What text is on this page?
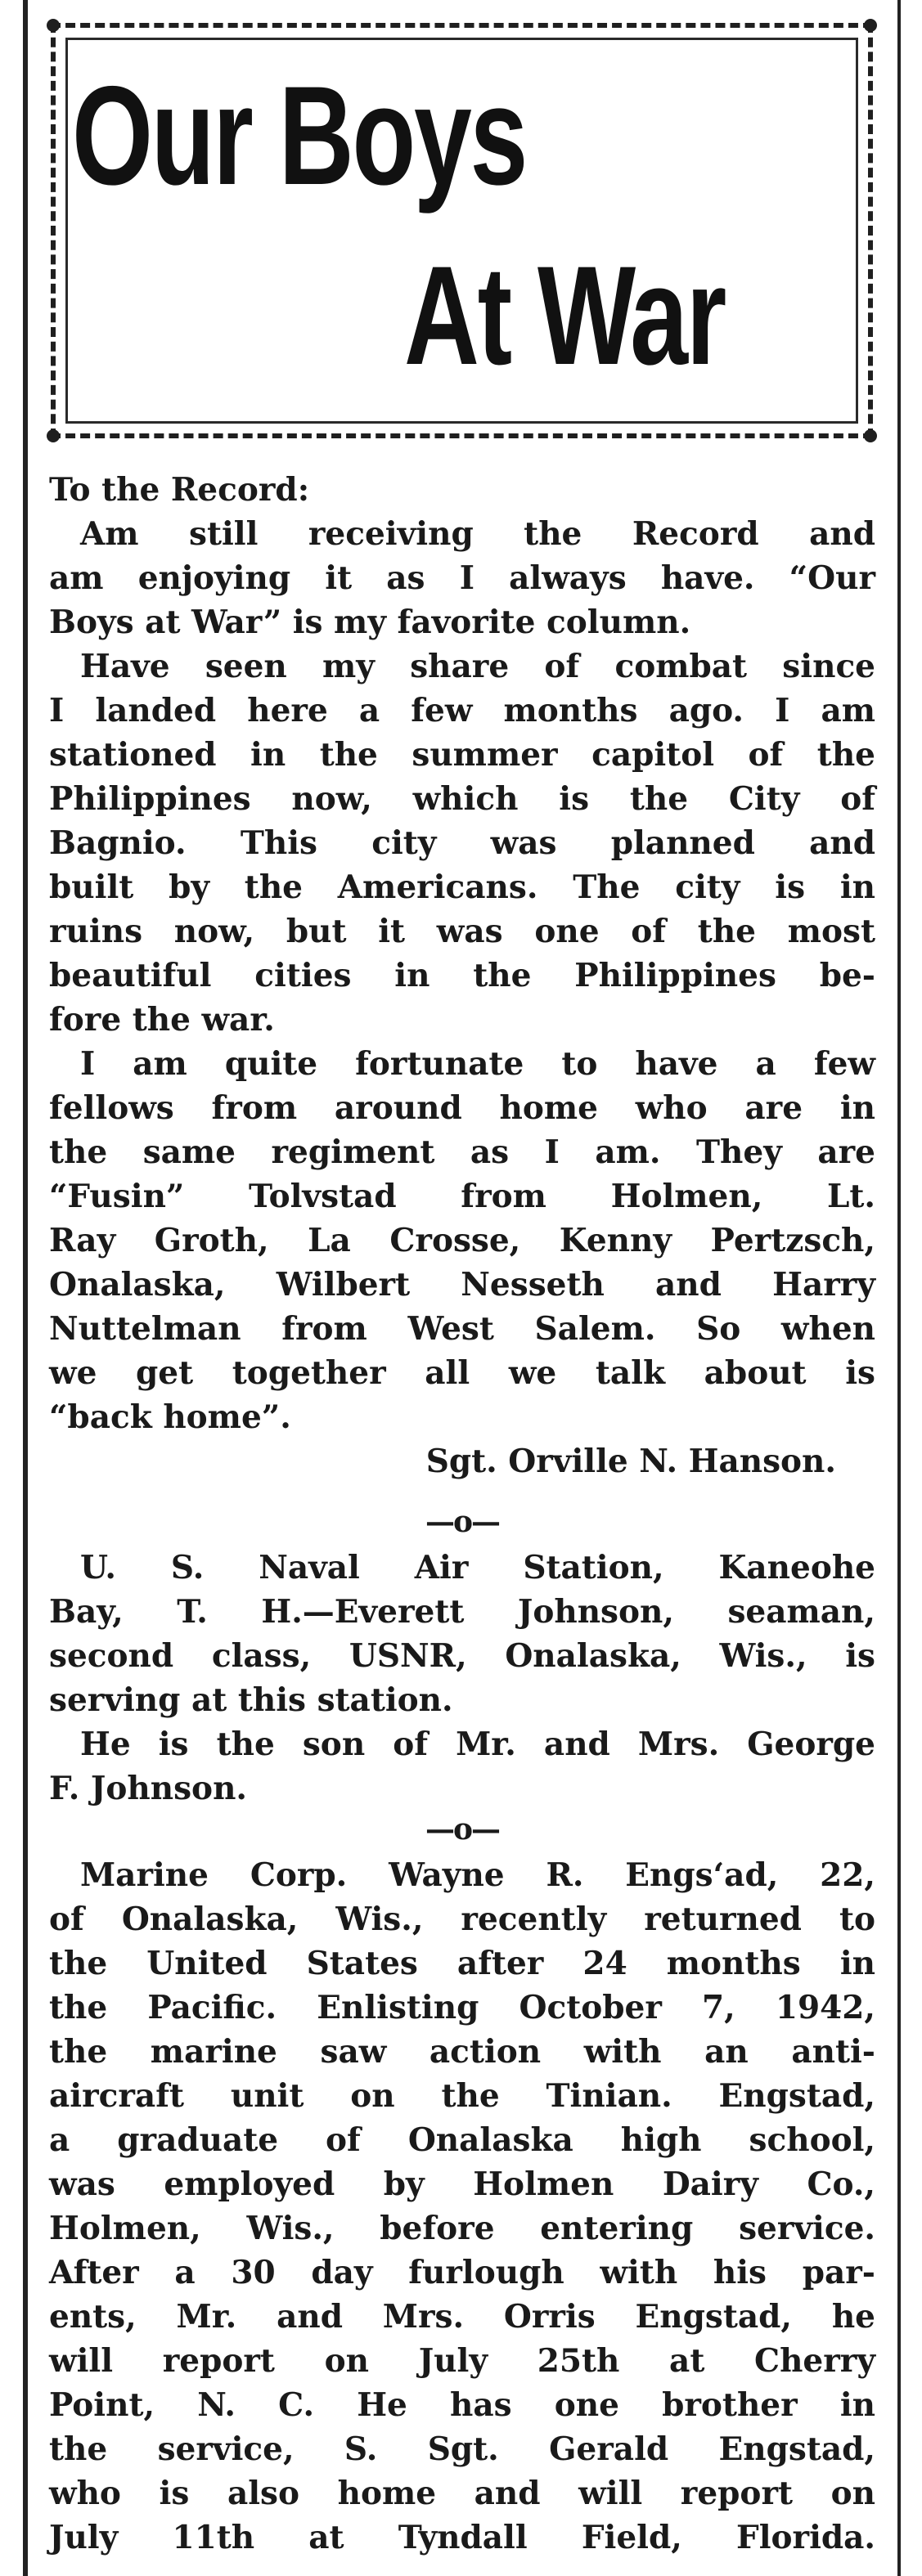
Our Boys
At War
To the Record:
Am still receiving the Record and
am enjoying it as I always have. “Our
Boys at War” is my favorite column.
Have seen my share of combat since
I landed here a few months ago. I am
stationed in the summer capitol of the
Philippines now, which is the City of
Bagnio. This city was planned and
built by the Americans. The city is in
ruins now, but it was one of the most
beautiful cities in the Philippines be-
fore the war.
I am quite fortunate to have a few
fellows from around home who are in
the same regiment as I am. They are
“Fusin” Tolvstad from Holmen, Lt.
Ray Groth, La Crosse, Kenny Pertzsch,
Onalaska, Wilbert Nesseth and Harry
Nuttelman from West Salem. So when
we get together all we talk about is
“back home”.
Sgt. Orville N. Hanson.
—o—
U. S. Naval Air Station, Kaneohe
Bay, T. H.—Everett Johnson, seaman,
second class, USNR, Onalaska, Wis., is
serving at this station.
He is the son of Mr. and Mrs. George
F. Johnson.
—o—
Marine Corp. Wayne R. Engsʻad, 22,
of Onalaska, Wis., recently returned to
the United States after 24 months in
the Pacific. Enlisting October 7, 1942,
the marine saw action with an anti-
aircraft unit on the Tinian. Engstad,
a graduate of Onalaska high school,
was employed by Holmen Dairy Co.,
Holmen, Wis., before entering service.
After a 30 day furlough with his par-
ents, Mr. and Mrs. Orris Engstad, he
will report on July 25th at Cherry
Point, N. C. He has one brother in
the service, S. Sgt. Gerald Engstad,
who is also home and will report on
July 11th at Tyndall Field, Florida.
